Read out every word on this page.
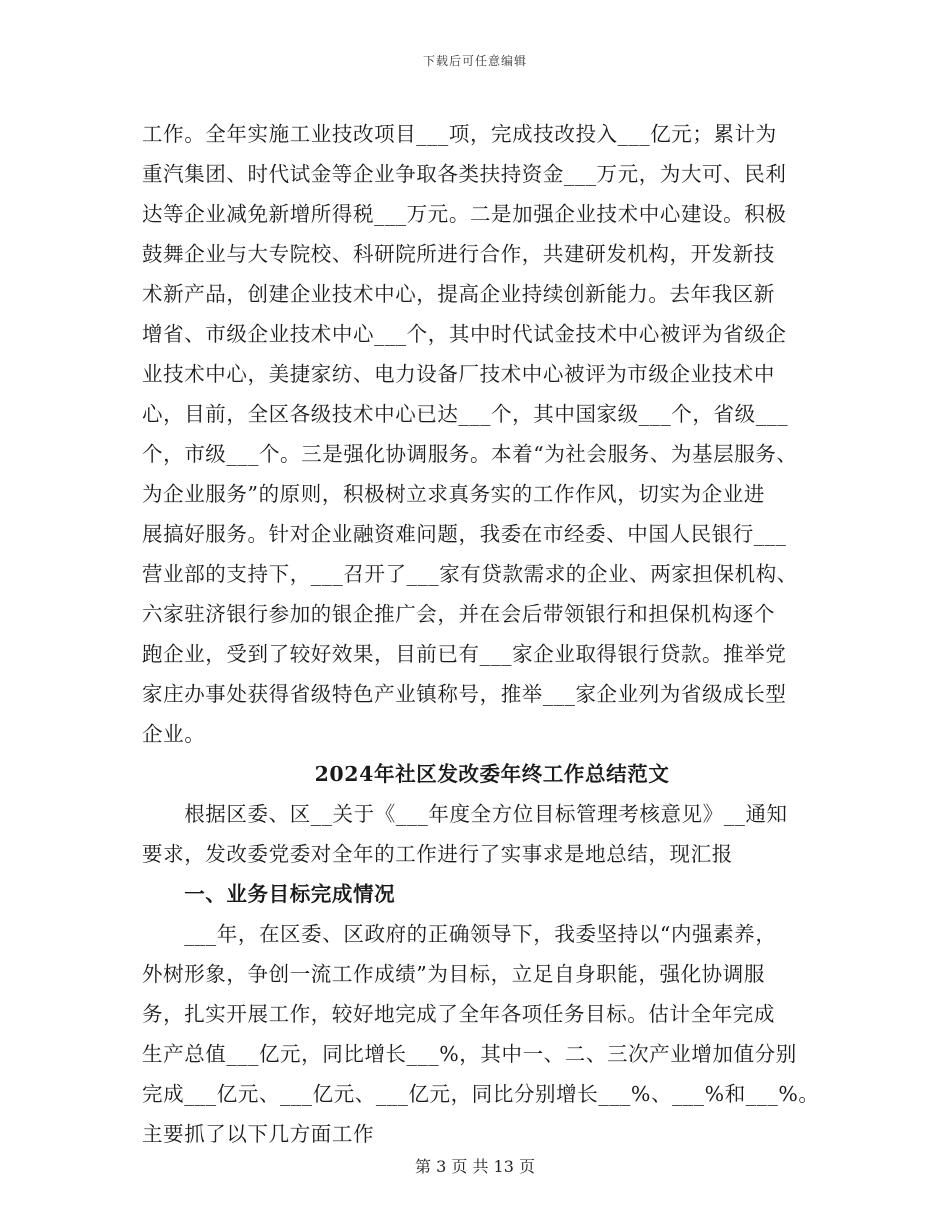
下载后可任意编辑
工作。全年实施工业技改项目___项，完成技改投入___亿元；累计为
重汽集团、时代试金等企业争取各类扶持资金___万元，为大可、民利
达等企业减免新增所得税___万元。二是加强企业技术中心建设。积极
鼓舞企业与大专院校、科研院所进行合作，共建研发机构，开发新技
术新产品，创建企业技术中心，提高企业持续创新能力。去年我区新
增省、市级企业技术中心___个，其中时代试金技术中心被评为省级企
业技术中心，美捷家纺、电力设备厂技术中心被评为市级企业技术中
心，目前，全区各级技术中心已达___个，其中国家级___个，省级___
个，市级___个。三是强化协调服务。本着“为社会服务、为基层服务、
为企业服务”的原则，积极树立求真务实的工作作风，切实为企业进
展搞好服务。针对企业融资难问题，我委在市经委、中国人民银行___
营业部的支持下，___召开了___家有贷款需求的企业、两家担保机构、
六家驻济银行参加的银企推广会，并在会后带领银行和担保机构逐个
跑企业，受到了较好效果，目前已有___家企业取得银行贷款。推举党
家庄办事处获得省级特色产业镇称号，推举___家企业列为省级成长型
企业。
2024年社区发改委年终工作总结范文
　　根据区委、区__关于《___年度全方位目标管理考核意见》__通知
要求，发改委党委对全年的工作进行了实事求是地总结，现汇报
　　一、业务目标完成情况
　　___年，在区委、区政府的正确领导下，我委坚持以“内强素养，
外树形象，争创一流工作成绩”为目标，立足自身职能，强化协调服
务，扎实开展工作，较好地完成了全年各项任务目标。估计全年完成
生产总值___亿元，同比增长___%，其中一、二、三次产业增加值分别
完成___亿元、___亿元、___亿元，同比分别增长___%、___%和___%。
主要抓了以下几方面工作
第 3 页 共 13 页
